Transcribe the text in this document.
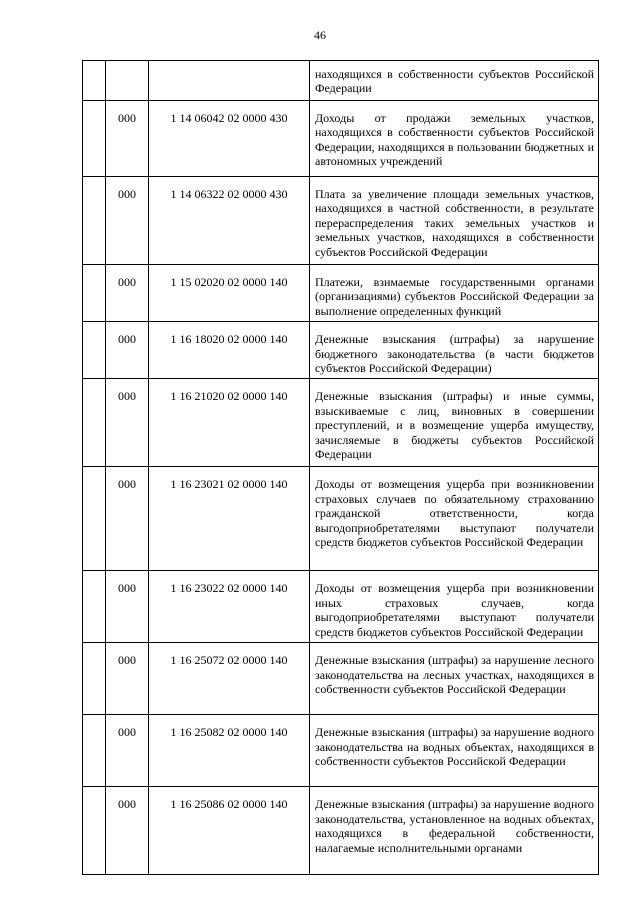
46
			находящихся в собственности субъектов Российской Федерации
	000	1 14 06042 02 0000 430	Доходы от продажи земельных участков, находящихся в собственности субъектов Российской Федерации, находящихся в пользовании бюджетных и автономных учреждений
	000	1 14 06322 02 0000 430	Плата за увеличение площади земельных участков, находящихся в частной собственности, в результате перераспределения таких земельных участков и земельных участков, находящихся в собственности субъектов Российской Федерации
	000	1 15 02020 02 0000 140	Платежи, взимаемые государственными органами (организациями) субъектов Российской Федерации за выполнение определенных функций
	000	1 16 18020 02 0000 140	Денежные взыскания (штрафы) за нарушение бюджетного законодательства (в части бюджетов субъектов Российской Федерации)
	000	1 16 21020 02 0000 140	Денежные взыскания (штрафы) и иные суммы, взыскиваемые с лиц, виновных в совершении преступлений, и в возмещение ущерба имуществу, зачисляемые в бюджеты субъектов Российской Федерации
	000	1 16 23021 02 0000 140	Доходы от возмещения ущерба при возникновении страховых случаев по обязательному страхованию гражданской ответственности, когда выгодоприобретателями выступают получатели средств бюджетов субъектов Российской Федерации
	000	1 16 23022 02 0000 140	Доходы от возмещения ущерба при возникновении иных страховых случаев, когда выгодоприобретателями выступают получатели средств бюджетов субъектов Российской Федерации
	000	1 16 25072 02 0000 140	Денежные взыскания (штрафы) за нарушение лесного законодательства на лесных участках, находящихся в собственности субъектов Российской Федерации
	000	1 16 25082 02 0000 140	Денежные взыскания (штрафы) за нарушение водного законодательства на водных объектах, находящихся в собственности субъектов Российской Федерации
	000	1 16 25086 02 0000 140	Денежные взыскания (штрафы) за нарушение водного законодательства, установленное на водных объектах, находящихся в федеральной собственности, налагаемые исполнительными органами
